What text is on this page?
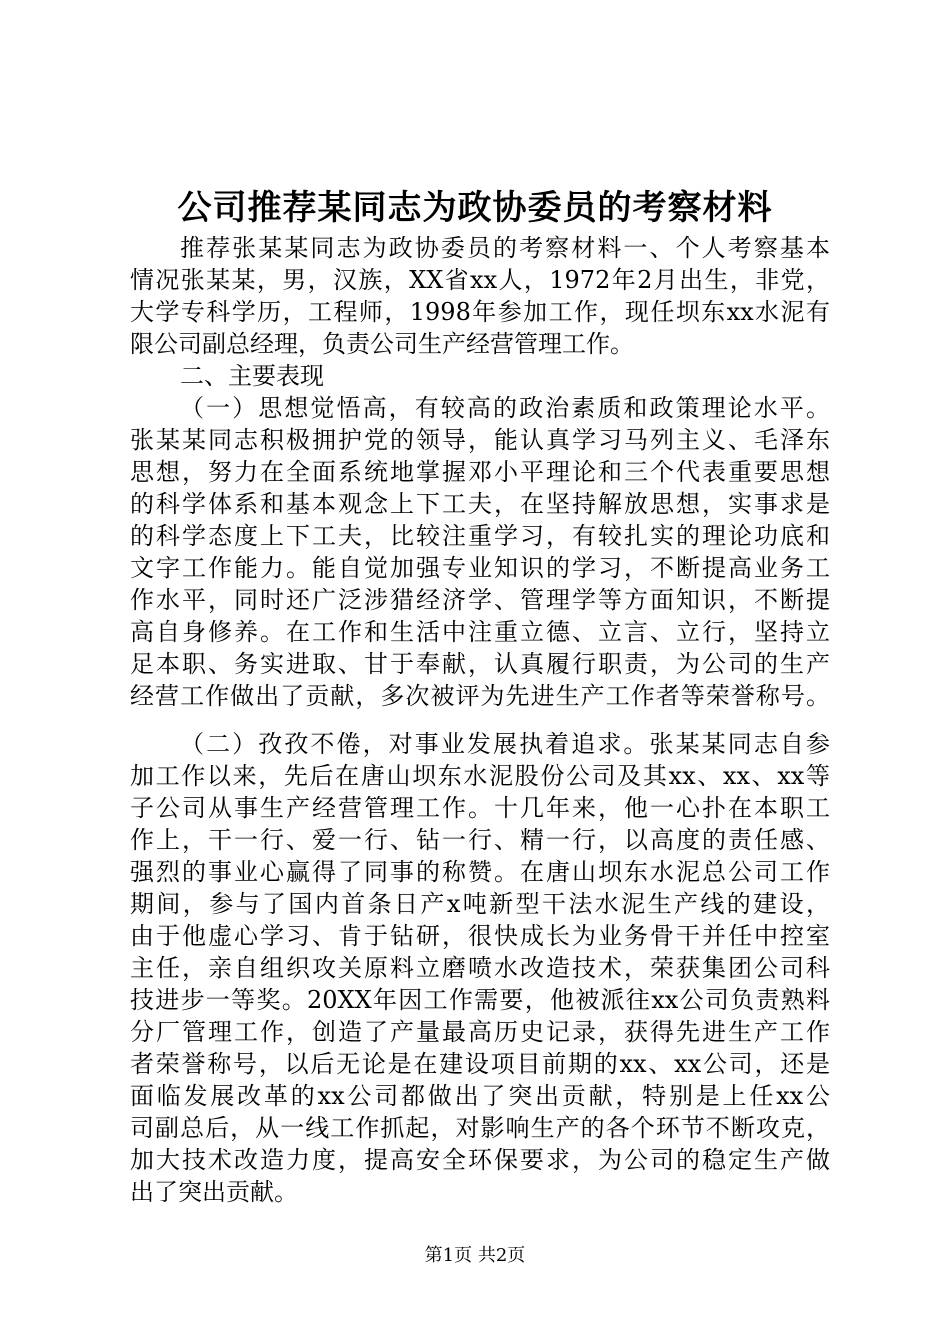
公司推荐某同志为政协委员的考察材料
推荐张某某同志为政协委员的考察材料一、个人考察基本
情况张某某，男，汉族，XX省xx人，1972年2月出生，非党，
大学专科学历，工程师，1998年参加工作，现任坝东xx水泥有
限公司副总经理，负责公司生产经营管理工作。
二、主要表现
（一）思想觉悟高，有较高的政治素质和政策理论水平。
张某某同志积极拥护党的领导，能认真学习马列主义、毛泽东
思想，努力在全面系统地掌握邓小平理论和三个代表重要思想
的科学体系和基本观念上下工夫，在坚持解放思想，实事求是
的科学态度上下工夫，比较注重学习，有较扎实的理论功底和
文字工作能力。能自觉加强专业知识的学习，不断提高业务工
作水平，同时还广泛涉猎经济学、管理学等方面知识，不断提
高自身修养。在工作和生活中注重立德、立言、立行，坚持立
足本职、务实进取、甘于奉献，认真履行职责，为公司的生产
经营工作做出了贡献，多次被评为先进生产工作者等荣誉称号。
（二）孜孜不倦，对事业发展执着追求。张某某同志自参
加工作以来，先后在唐山坝东水泥股份公司及其xx、xx、xx等
子公司从事生产经营管理工作。十几年来，他一心扑在本职工
作上，干一行、爱一行、钻一行、精一行，以高度的责任感、
强烈的事业心赢得了同事的称赞。在唐山坝东水泥总公司工作
期间，参与了国内首条日产x吨新型干法水泥生产线的建设，
由于他虚心学习、肯于钻研，很快成长为业务骨干并任中控室
主任，亲自组织攻关原料立磨喷水改造技术，荣获集团公司科
技进步一等奖。20XX年因工作需要，他被派往xx公司负责熟料
分厂管理工作，创造了产量最高历史记录，获得先进生产工作
者荣誉称号，以后无论是在建设项目前期的xx、xx公司，还是
面临发展改革的xx公司都做出了突出贡献，特别是上任xx公
司副总后，从一线工作抓起，对影响生产的各个环节不断攻克，
加大技术改造力度，提高安全环保要求，为公司的稳定生产做
出了突出贡献。
第1页 共2页
